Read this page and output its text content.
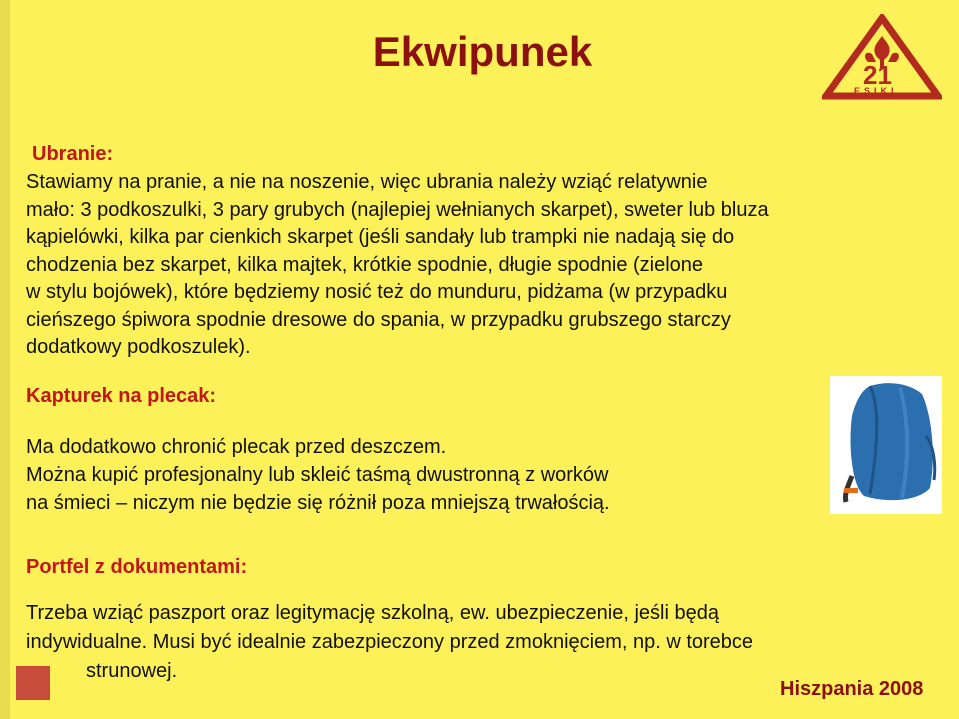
Ekwipunek	21
ESIKI
Ubranie:
Stawiamy na pranie, a nie na noszenie, więc ubrania należy wziąć relatywnie
mało: 3 podkoszulki, 3 pary grubych (najlepiej wełnianych skarpet), sweter lub bluza
kąpielówki, kilka par cienkich skarpet (jeśli sandały lub trampki nie nadają się do
chodzenia bez skarpet, kilka majtek, krótkie spodnie, długie spodnie (zielone
w stylu bojówek), które będziemy nosić też do munduru, pidżama (w przypadku
cieńszego śpiwora spodnie dresowe do spania, w przypadku grubszego starczy
dodatkowy podkoszulek).
Kapturek na plecak:
Ma dodatkowo chronić plecak przed deszczem.
Można kupić profesjonalny lub skleić taśmą dwustronną z worków
na śmieci – niczym nie będzie się różnił poza mniejszą trwałością.
Portfel z dokumentami:
Trzeba wziąć paszport oraz legitymację szkolną, ew. ubezpieczenie, jeśli będą
indywidualne. Musi być idealnie zabezpieczony przed zmoknięciem, np. w torebce
strunowej.
Hiszpania 2008
